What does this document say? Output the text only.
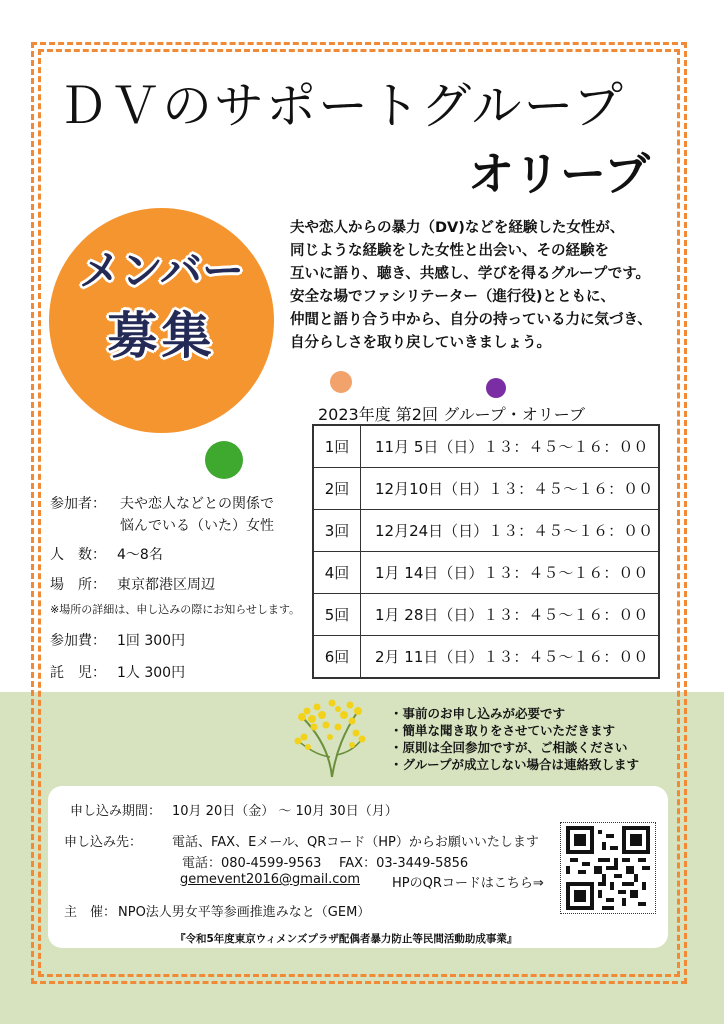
ＤＶのサポートグループ
オリーブ
メンバー
募集
夫や恋人からの暴力（DV)などを経験した女性が、
同じような経験をした女性と出会い、その経験を
互いに語り、聴き、共感し、学びを得るグループです。
安全な場でファシリテーター（進行役)とともに、
仲間と語り合う中から、自分の持っている力に気づき、
自分らしさを取り戻していきましょう。
2023年度 第2回 グループ・オリーブ
1回	11月 5日（日）１３：４５〜１６：００
2回	12月10日（日）１３：４５〜１６：００
3回	12月24日（日）１３：４５〜１６：００
4回	1月 14日（日）１３：４５〜１６：００
5回	1月 28日（日）１３：４５〜１６：００
6回	2月 11日（日）１３：４５〜１６：００
参加者： 夫や恋人などとの関係で
悩んでいる（いた）女性
人　数： 4〜8名
場　所： 東京都港区周辺
※場所の詳細は、申し込みの際にお知らせします。
参加費： 1回 300円
託　児： 1人 300円
・事前のお申し込みが必要です
・簡単な聞き取りをさせていただきます
・原則は全回参加ですが、ご相談ください
・グループが成立しない場合は連絡致します
申し込み期間： 10月 20日（金） 〜 10月 30日（月）
申し込み先： 電話、FAX、Eメール、QRコード（HP）からお願いいたします
電話：080-4599-9563 FAX：03-3449-5856
gemevent2016@gmail.com HPのQRコードはこちら⇒
主　催： NPO法人男女平等参画推進みなと（GEM）
『令和5年度東京ウィメンズプラザ配偶者暴力防止等民間活動助成事業』
